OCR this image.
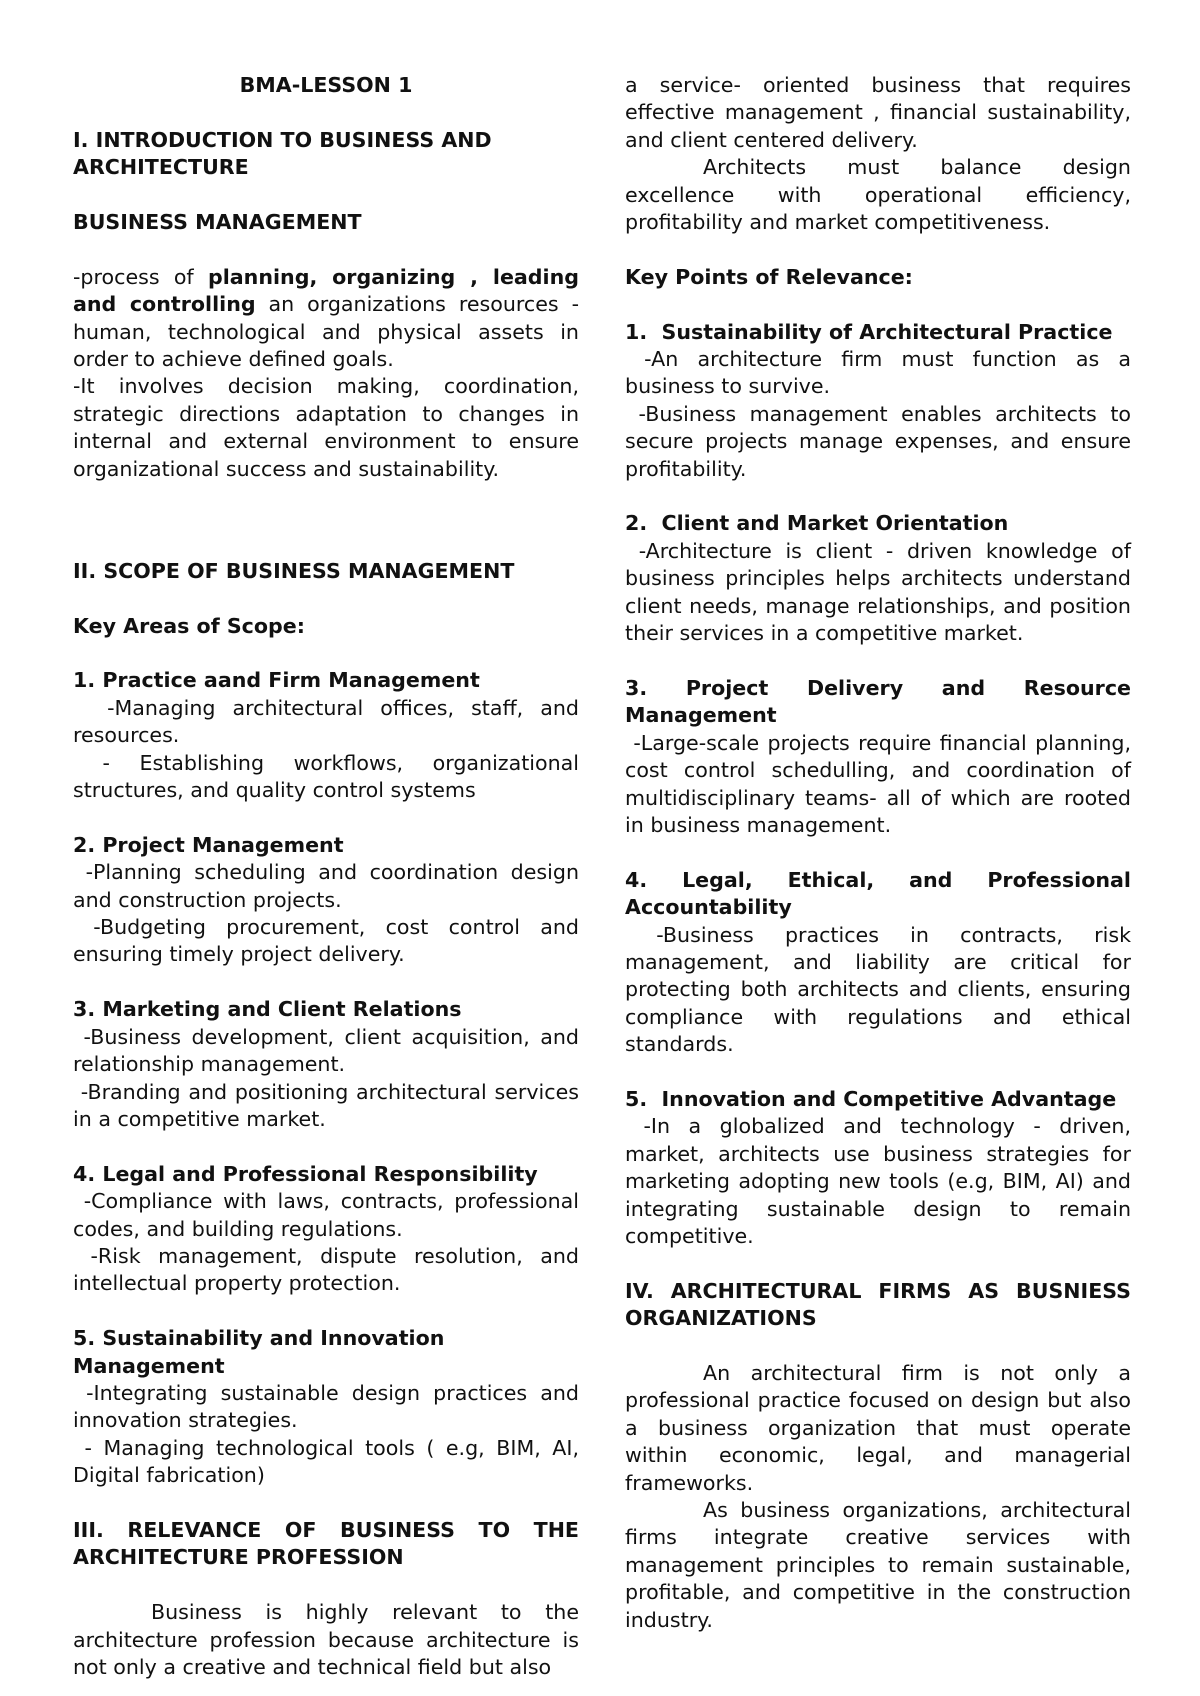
BMA-LESSON 1
I. INTRODUCTION TO BUSINESS AND
ARCHITECTURE
BUSINESS MANAGEMENT

-process of planning, organizing , leading and controlling an organizations resources - human, technological and physical assets in order to achieve defined goals.

-It involves decision making, coordination, strategic directions adaptation to changes in internal and external environment to ensure organizational success and sustainability.

II. SCOPE OF BUSINESS MANAGEMENT
Key Areas of Scope:

1. Practice aand Firm Management

-Managing architectural offices, staff, and resources.

- Establishing workflows, organizational structures, and quality control systems

2. Project Management

-Planning scheduling and coordination design and construction projects.

-Budgeting procurement, cost control and ensuring timely project delivery.

3. Marketing and Client Relations

-Business development, client acquisition, and relationship management.

-Branding and positioning architectural services in a competitive market.

4. Legal and Professional Responsibility

-Compliance with laws, contracts, professional codes, and building regulations.

-Risk management, dispute resolution, and intellectual property protection.

5. Sustainability and Innovation Management

-Integrating sustainable design practices and innovation strategies.

- Managing technological tools ( e.g, BIM, AI, Digital fabrication)

III. RELEVANCE OF BUSINESS TO THE ARCHITECTURE PROFESSION

Business is highly relevant to the architecture profession because architecture is not only a creative and technical field but also

a service- oriented business that requires effective management , financial sustainability, and client centered delivery.

Architects must balance design excellence with operational efficiency, profitability and market competitiveness.

Key Points of Relevance:

1.  Sustainability of Architectural Practice

-An architecture firm must function as a business to survive.

-Business management enables architects to secure projects manage expenses, and ensure profitability.

2.  Client and Market Orientation

-Architecture is client - driven knowledge of business principles helps architects understand client needs, manage relationships, and position their services in a competitive market.

3. Project Delivery and Resource Management

-Large-scale projects require financial planning, cost control schedulling, and coordination of multidisciplinary teams- all of which are rooted in business management.

4. Legal, Ethical, and Professional Accountability

-Business practices in contracts, risk management, and liability are critical for protecting both architects and clients, ensuring compliance with regulations and ethical standards.

5.  Innovation and Competitive Advantage

-In a globalized and technology - driven, market, architects use business strategies for marketing adopting new tools (e.g, BIM, AI) and integrating sustainable design to remain competitive.

IV. ARCHITECTURAL FIRMS AS BUSNIESS ORGANIZATIONS

An architectural firm is not only a professional practice focused on design but also a business organization that must operate within economic, legal, and managerial frameworks.

As business organizations, architectural firms integrate creative services with management principles to remain sustainable, profitable, and competitive in the construction industry.
